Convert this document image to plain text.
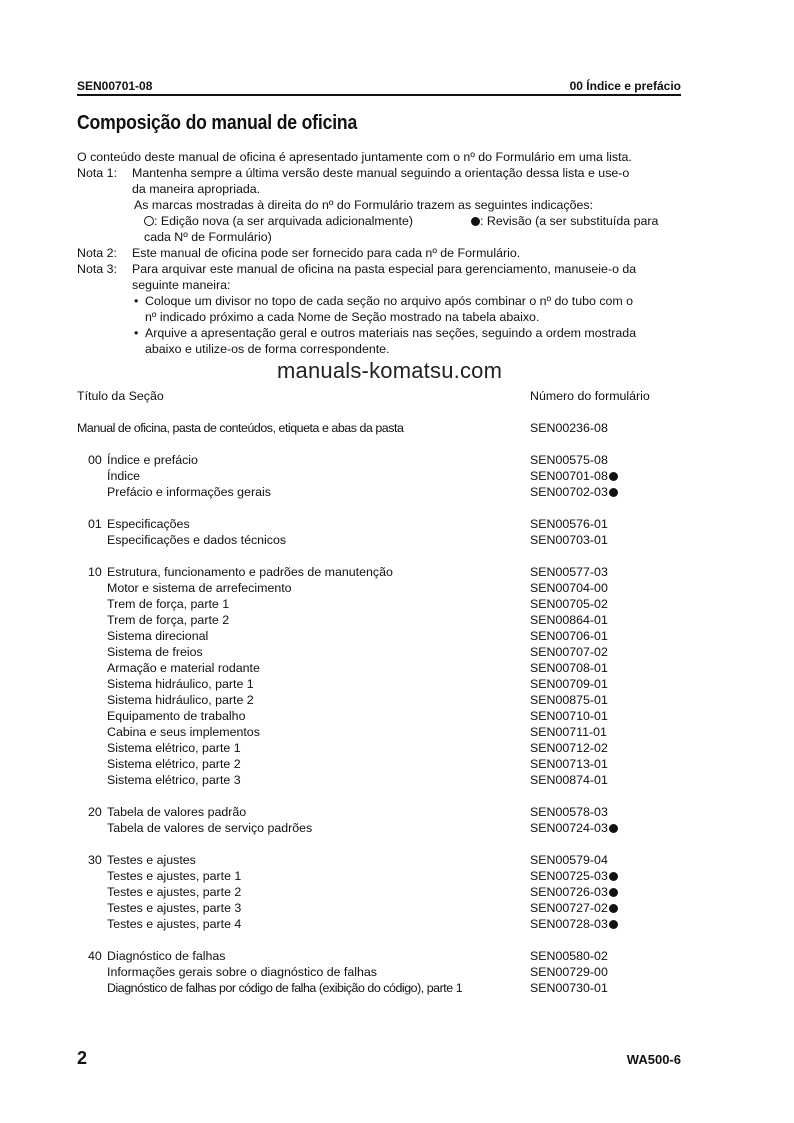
SEN00701-08	00 Índice e prefácio
Composição do manual de oficina
O conteúdo deste manual de oficina é apresentado juntamente com o nº do Formulário em uma lista.
Nota 1: Mantenha sempre a última versão deste manual seguindo a orientação dessa lista e use-o
da maneira apropriada.
As marcas mostradas à direita do nº do Formulário trazem as seguintes indicações:
: Edição nova (a ser arquivada adicionalmente)	: Revisão (a ser substituída para
cada Nº de Formulário)
Nota 2: Este manual de oficina pode ser fornecido para cada nº de Formulário.
Nota 3: Para arquivar este manual de oficina na pasta especial para gerenciamento, manuseie-o da
seguinte maneira:
• Coloque um divisor no topo de cada seção no arquivo após combinar o nº do tubo com o
nº indicado próximo a cada Nome de Seção mostrado na tabela abaixo.
• Arquive a apresentação geral e outros materiais nas seções, seguindo a ordem mostrada
abaixo e utilize-os de forma correspondente.
manuals-komatsu.com
Título da Seção	Número do formulário
Manual de oficina, pasta de conteúdos, etiqueta e abas da pasta	SEN00236-08
00 Índice e prefácio	SEN00575-08
Índice	SEN00701-08
Prefácio e informações gerais	SEN00702-03
01 Especificações	SEN00576-01
Especificações e dados técnicos	SEN00703-01
10 Estrutura, funcionamento e padrões de manutenção	SEN00577-03
Motor e sistema de arrefecimento	SEN00704-00
Trem de força, parte 1	SEN00705-02
Trem de força, parte 2	SEN00864-01
Sistema direcional	SEN00706-01
Sistema de freios	SEN00707-02
Armação e material rodante	SEN00708-01
Sistema hidráulico, parte 1	SEN00709-01
Sistema hidráulico, parte 2	SEN00875-01
Equipamento de trabalho	SEN00710-01
Cabina e seus implementos	SEN00711-01
Sistema elétrico, parte 1	SEN00712-02
Sistema elétrico, parte 2	SEN00713-01
Sistema elétrico, parte 3	SEN00874-01
20 Tabela de valores padrão	SEN00578-03
Tabela de valores de serviço padrões	SEN00724-03
30 Testes e ajustes	SEN00579-04
Testes e ajustes, parte 1	SEN00725-03
Testes e ajustes, parte 2	SEN00726-03
Testes e ajustes, parte 3	SEN00727-02
Testes e ajustes, parte 4	SEN00728-03
40 Diagnóstico de falhas	SEN00580-02
Informações gerais sobre o diagnóstico de falhas	SEN00729-00
Diagnóstico de falhas por código de falha (exibição do código), parte 1	SEN00730-01
2	WA500-6
